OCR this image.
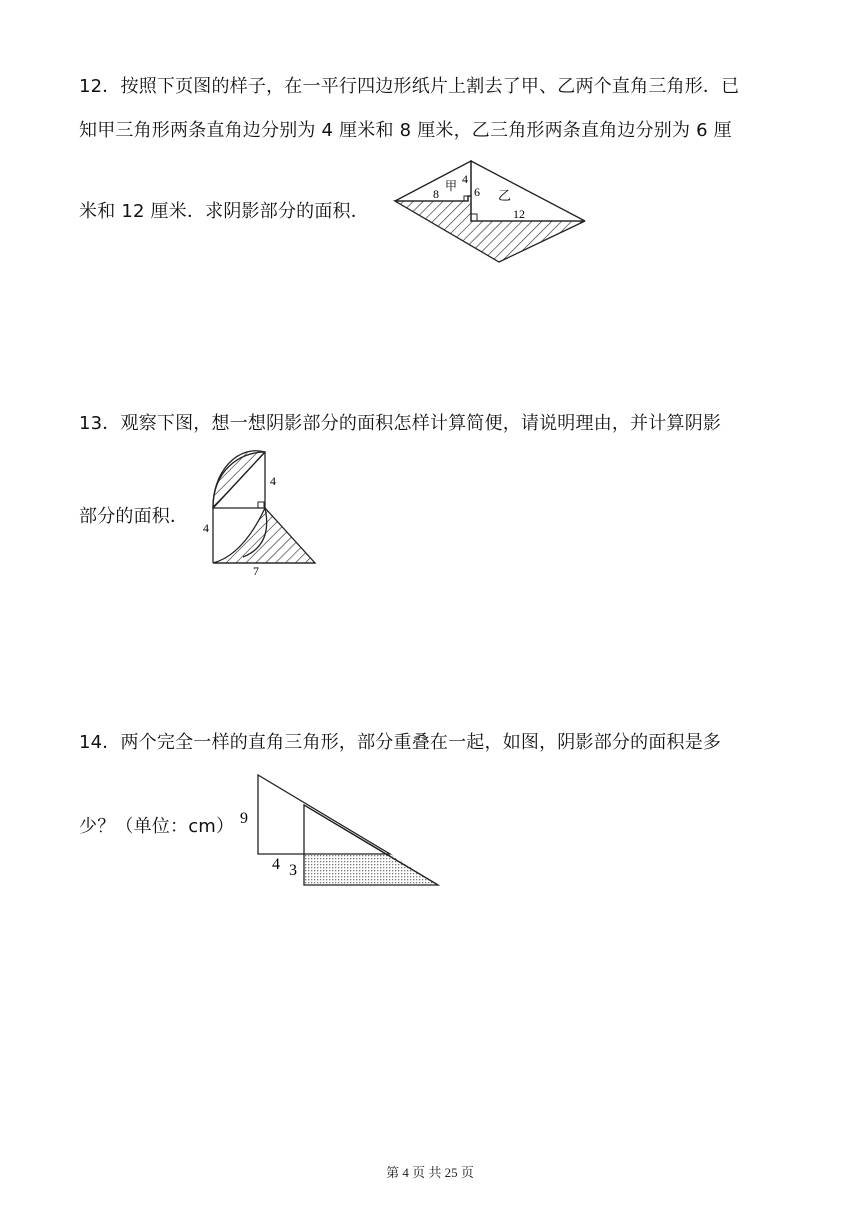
12．按照下页图的样子，在一平行四边形纸片上割去了甲、乙两个直角三角形．已
知甲三角形两条直角边分别为 4 厘米和 8 厘米，乙三角形两条直角边分别为 6 厘
米和 12 厘米．求阴影部分的面积．
甲
8
4
6 乙
12
13．观察下图，想一想阴影部分的面积怎样计算简便，请说明理由，并计算阴影
部分的面积．
4
4
7
14．两个完全一样的直角三角形，部分重叠在一起，如图，阴影部分的面积是多
少？（单位：cm） 9
4 3
第 4 页 共 25 页
